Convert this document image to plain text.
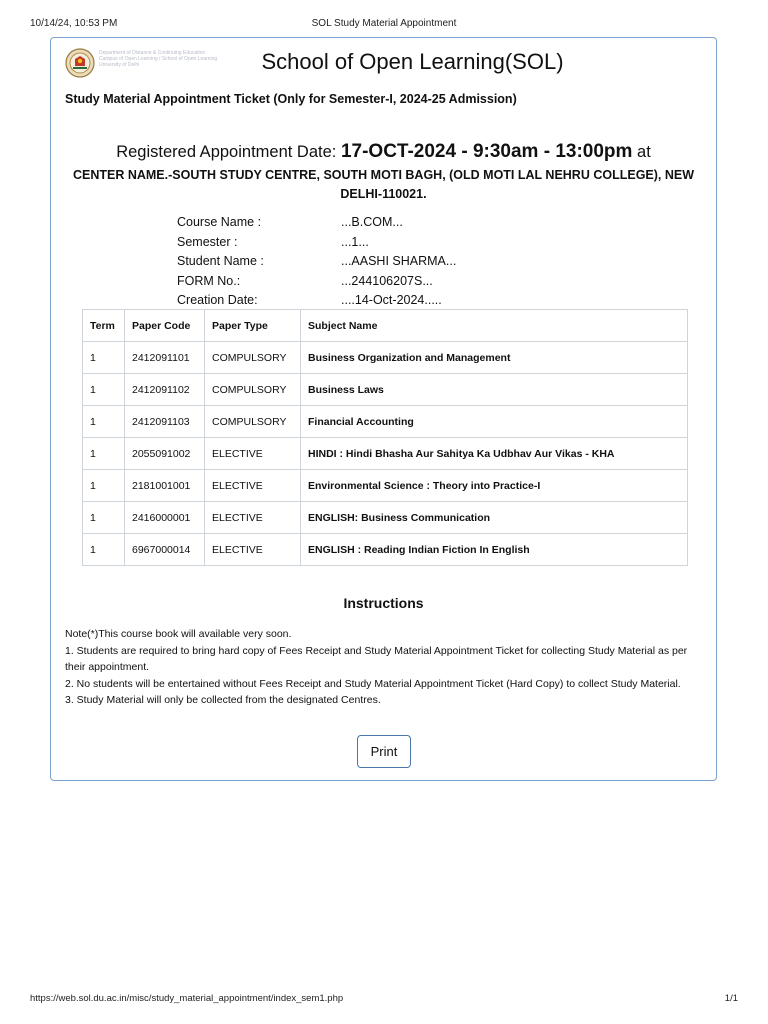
10/14/24, 10:53 PM	SOL Study Material Appointment
Department of Distance & Continuing Education
Campus of Open Learning / School of Open Learning
University of Delhi	School of Open Learning(SOL)
Study Material Appointment Ticket (Only for Semester-I, 2024-25 Admission)
Registered Appointment Date: 17-OCT-2024 - 9:30am - 13:00pm at
CENTER NAME.-SOUTH STUDY CENTRE, SOUTH MOTI BAGH, (OLD MOTI LAL NEHRU COLLEGE), NEW DELHI-110021.
Course Name :	...B.COM...
Semester :	...1...
Student Name :	...AASHI SHARMA...
FORM No.:	...244106207S...
Creation Date:	....14-Oct-2024.....
Term	Paper Code	Paper Type	Subject Name
1	2412091101	COMPULSORY	Business Organization and Management
1	2412091102	COMPULSORY	Business Laws
1	2412091103	COMPULSORY	Financial Accounting
1	2055091002	ELECTIVE	HINDI : Hindi Bhasha Aur Sahitya Ka Udbhav Aur Vikas - KHA
1	2181001001	ELECTIVE	Environmental Science : Theory into Practice-I
1	2416000001	ELECTIVE	ENGLISH: Business Communication
1	6967000014	ELECTIVE	ENGLISH : Reading Indian Fiction In English
Instructions
Note(*)This course book will available very soon.
1. Students are required to bring hard copy of Fees Receipt and Study Material Appointment Ticket for collecting Study Material as per their appointment.
2. No students will be entertained without Fees Receipt and Study Material Appointment Ticket (Hard Copy) to collect Study Material.
3. Study Material will only be collected from the designated Centres.
Print
https://web.sol.du.ac.in/misc/study_material_appointment/index_sem1.php	1/1
